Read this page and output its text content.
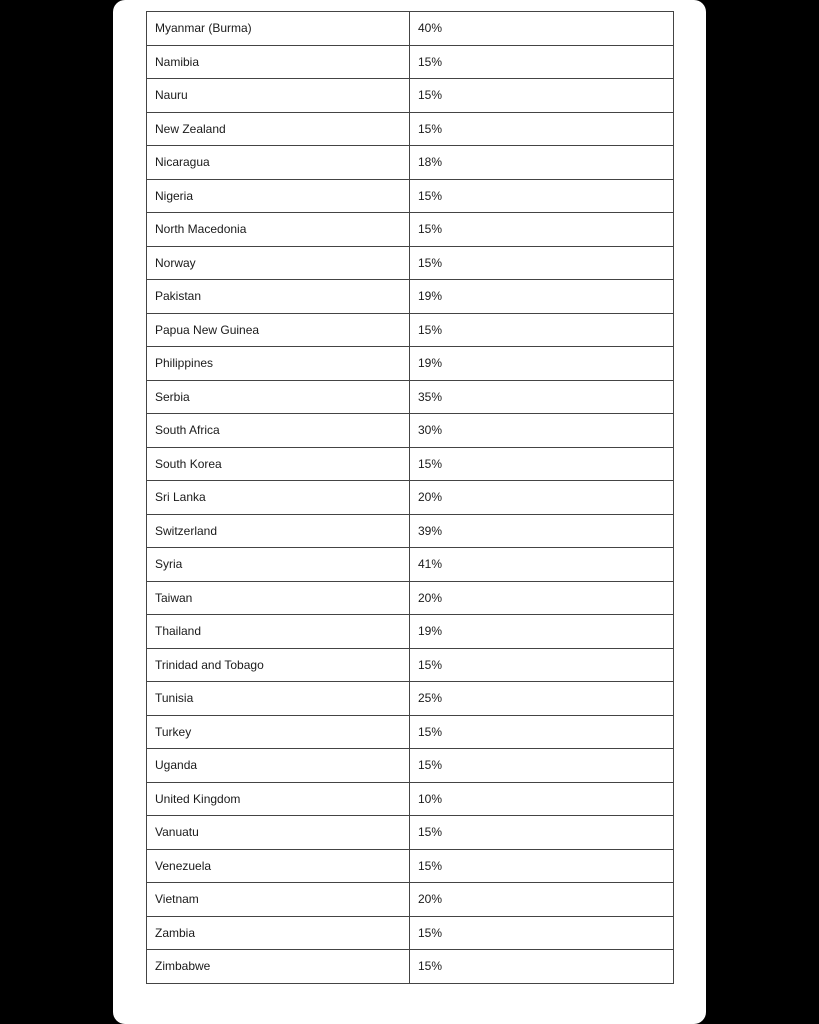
Myanmar (Burma)	40%
Namibia	15%
Nauru	15%
New Zealand	15%
Nicaragua	18%
Nigeria	15%
North Macedonia	15%
Norway	15%
Pakistan	19%
Papua New Guinea	15%
Philippines	19%
Serbia	35%
South Africa	30%
South Korea	15%
Sri Lanka	20%
Switzerland	39%
Syria	41%
Taiwan	20%
Thailand	19%
Trinidad and Tobago	15%
Tunisia	25%
Turkey	15%
Uganda	15%
United Kingdom	10%
Vanuatu	15%
Venezuela	15%
Vietnam	20%
Zambia	15%
Zimbabwe	15%
